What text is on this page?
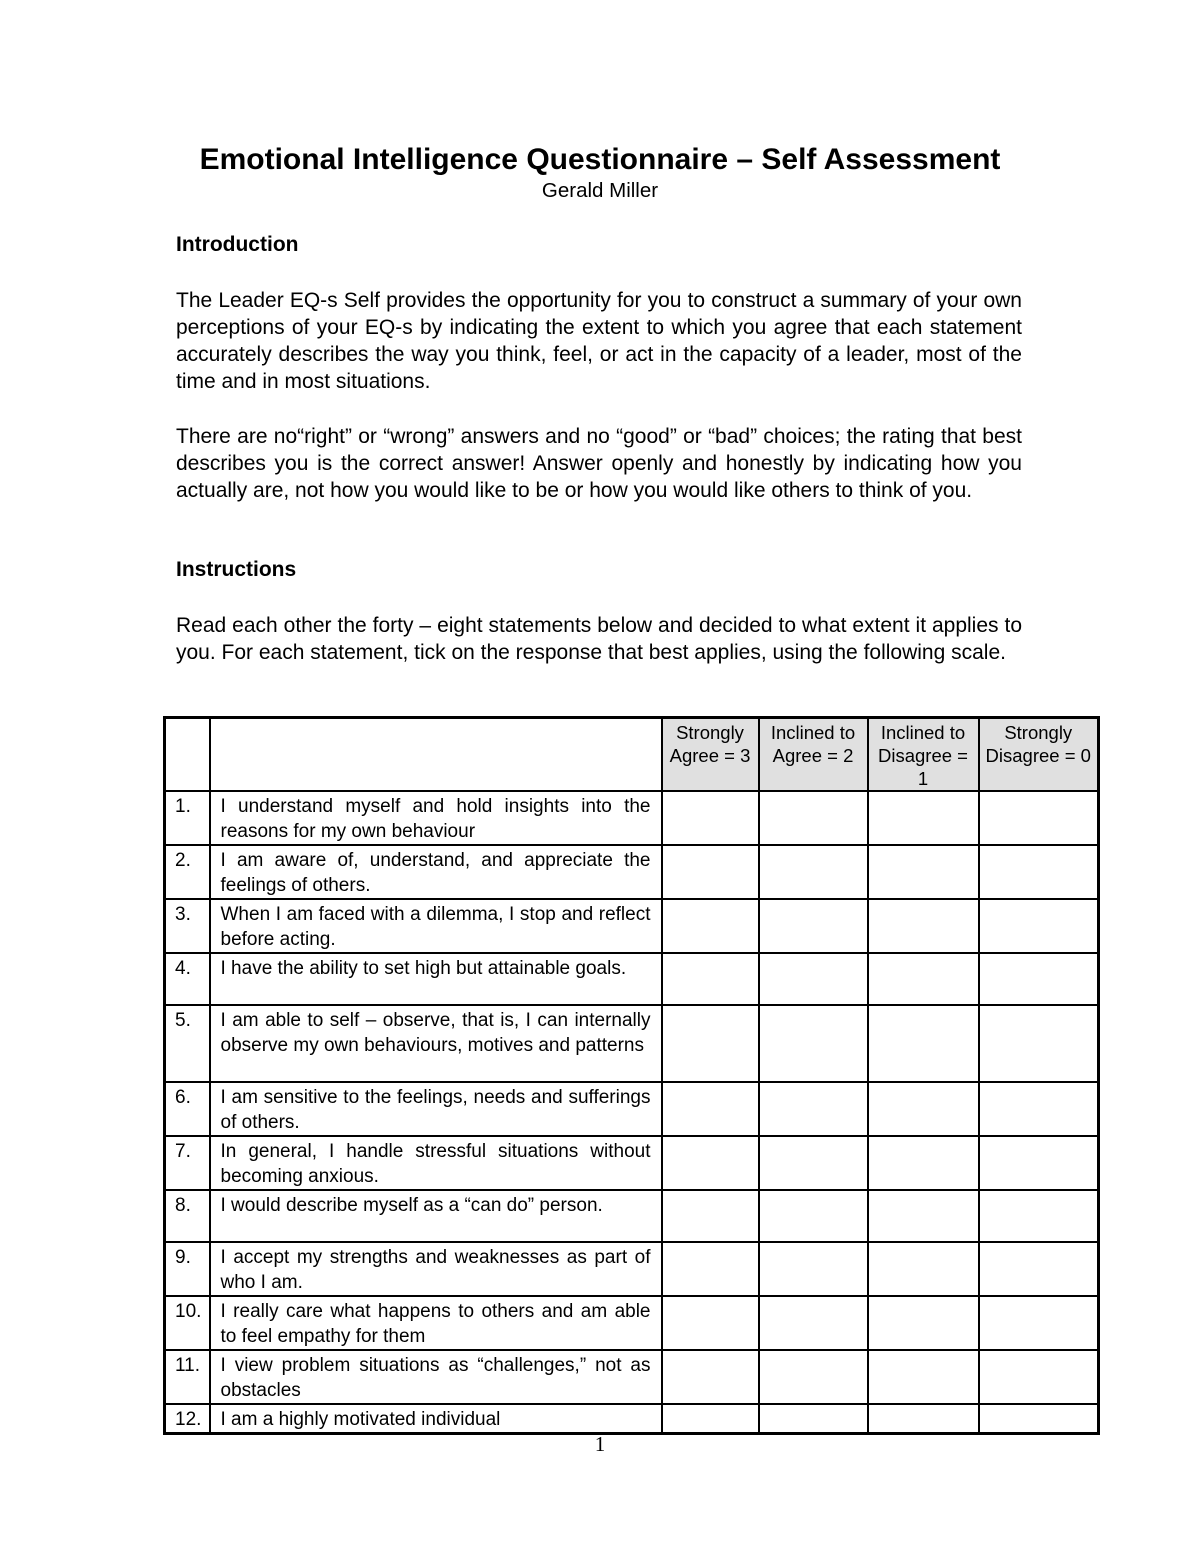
Emotional Intelligence Questionnaire – Self Assessment

Gerald Miller

Introduction

The Leader EQ-s Self provides the opportunity for you to construct a summary of your own perceptions of your EQ-s by indicating the extent to which you agree that each statement accurately describes the way you think, feel, or act in the capacity of a leader, most of the time and in most situations.

There are no“right” or “wrong” answers and no “good” or “bad” choices; the rating that best describes you is the correct answer! Answer openly and honestly by indicating how you actually are, not how you would like to be or how you would like others to think of you.

Instructions

Read each other the forty – eight statements below and decided to what extent it applies to you. For each statement, tick on the response that best applies, using the following scale.

		Strongly Agree = 3	Inclined to Agree = 2	Inclined to Disagree = 1	Strongly Disagree = 0
1.	I understand myself and hold insights into the reasons for my own behaviour				
2.	I am aware of, understand, and appreciate the feelings of others.				
3.	When I am faced with a dilemma, I stop and reflect before acting.				
4.	I have the ability to set high but attainable goals.				
5.	I am able to self – observe, that is, I can internally observe my own behaviours, motives and patterns				
6.	I am sensitive to the feelings, needs and sufferings of others.				
7.	In general, I handle stressful situations without becoming anxious.				
8.	I would describe myself as a “can do” person.				
9.	I accept my strengths and weaknesses as part of who I am.				
10.	I really care what happens to others and am able to feel empathy for them				
11.	I view problem situations as “challenges,” not as obstacles				
12.	I am a highly motivated individual				

1
